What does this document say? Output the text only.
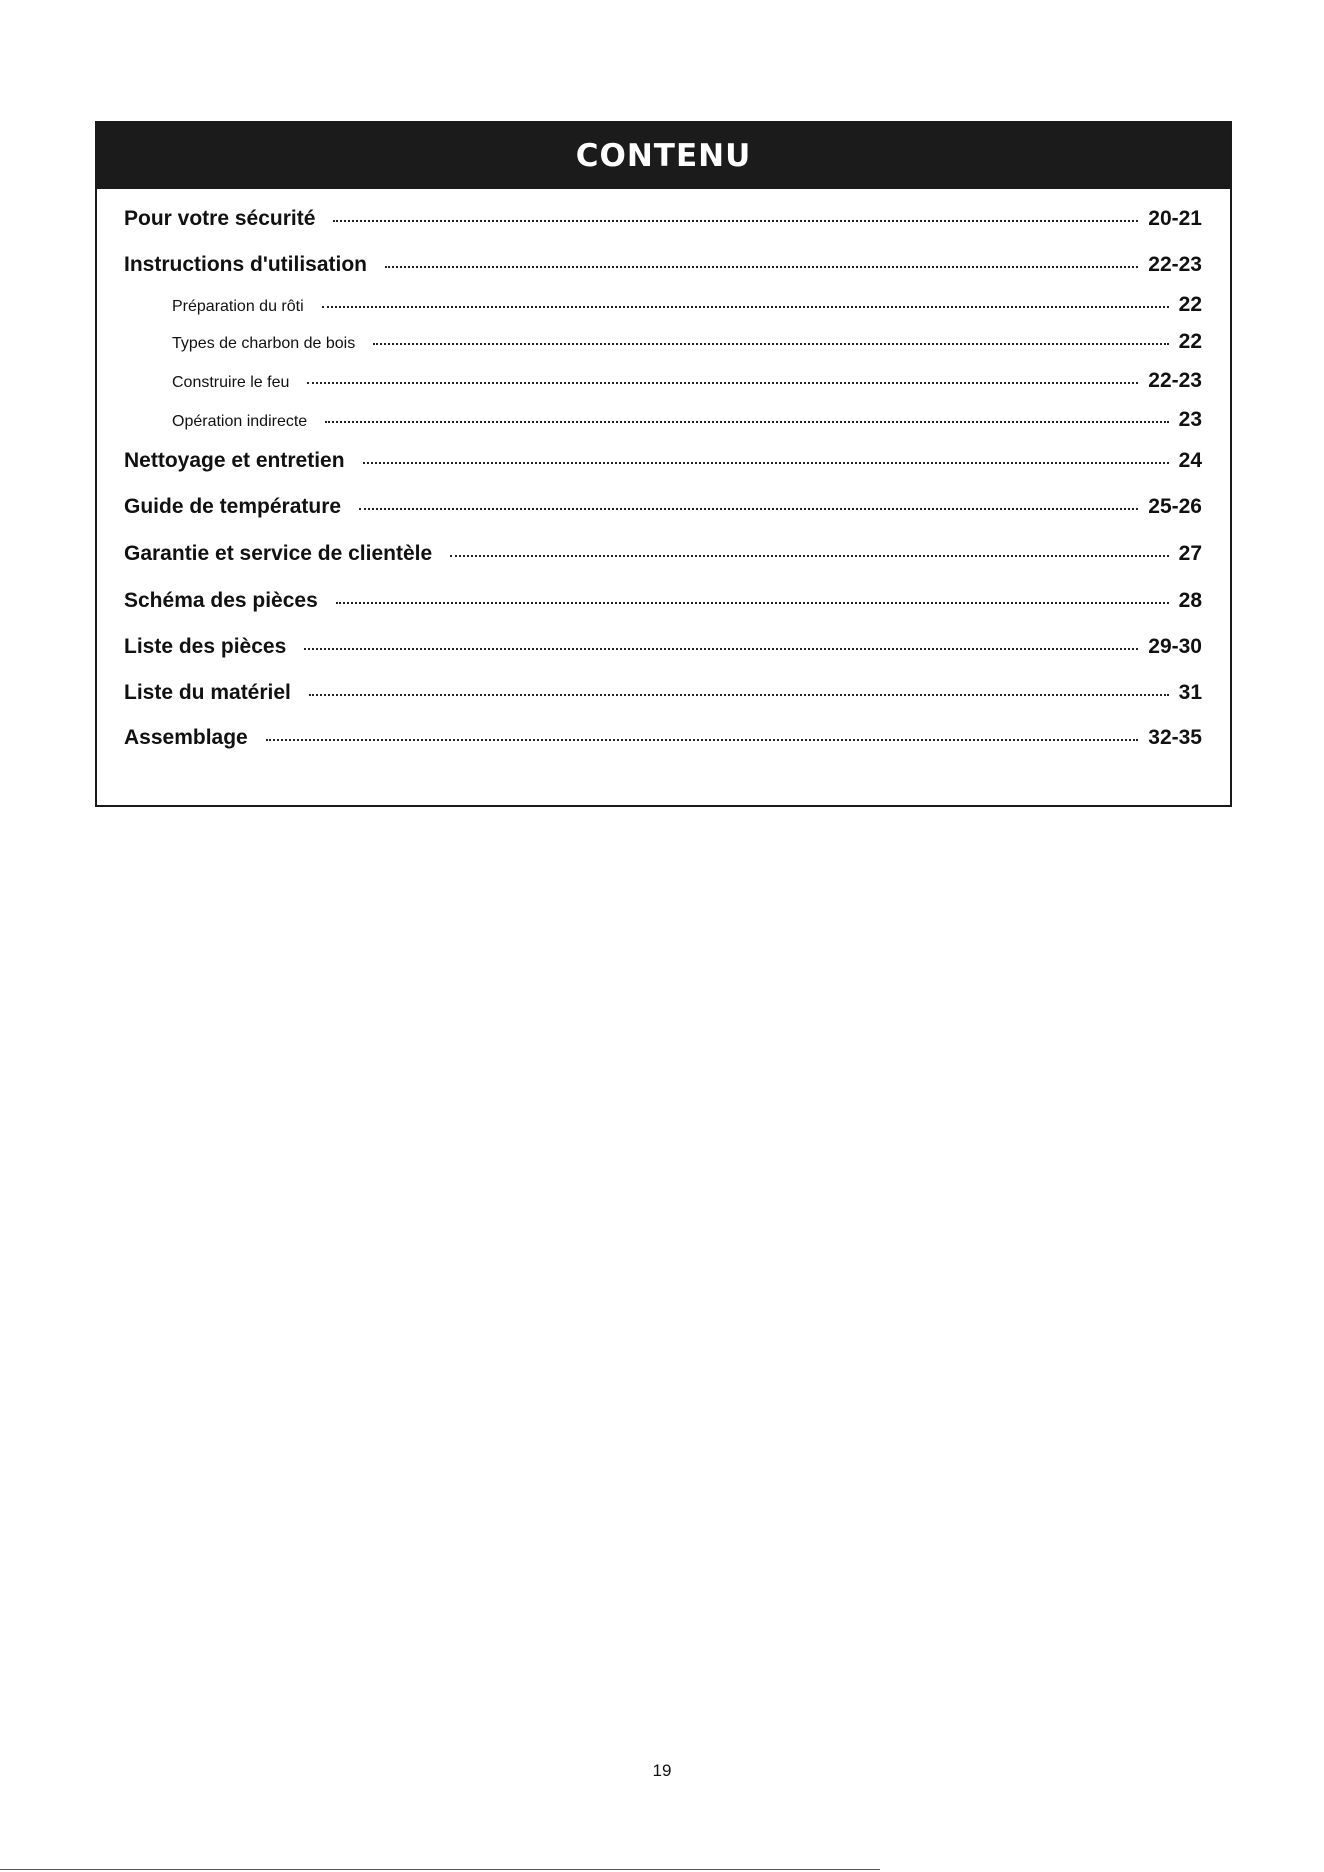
CONTENU
Pour votre sécurité	20-21
Instructions d'utilisation	22-23
Préparation du rôti	22
Types de charbon de bois	22
Construire le feu	22-23
Opération indirecte	23
Nettoyage et entretien	24
Guide de température	25-26
Garantie et service de clientèle	27
Schéma des pièces	28
Liste des pièces	29-30
Liste du matériel	31
Assemblage	32-35
19
